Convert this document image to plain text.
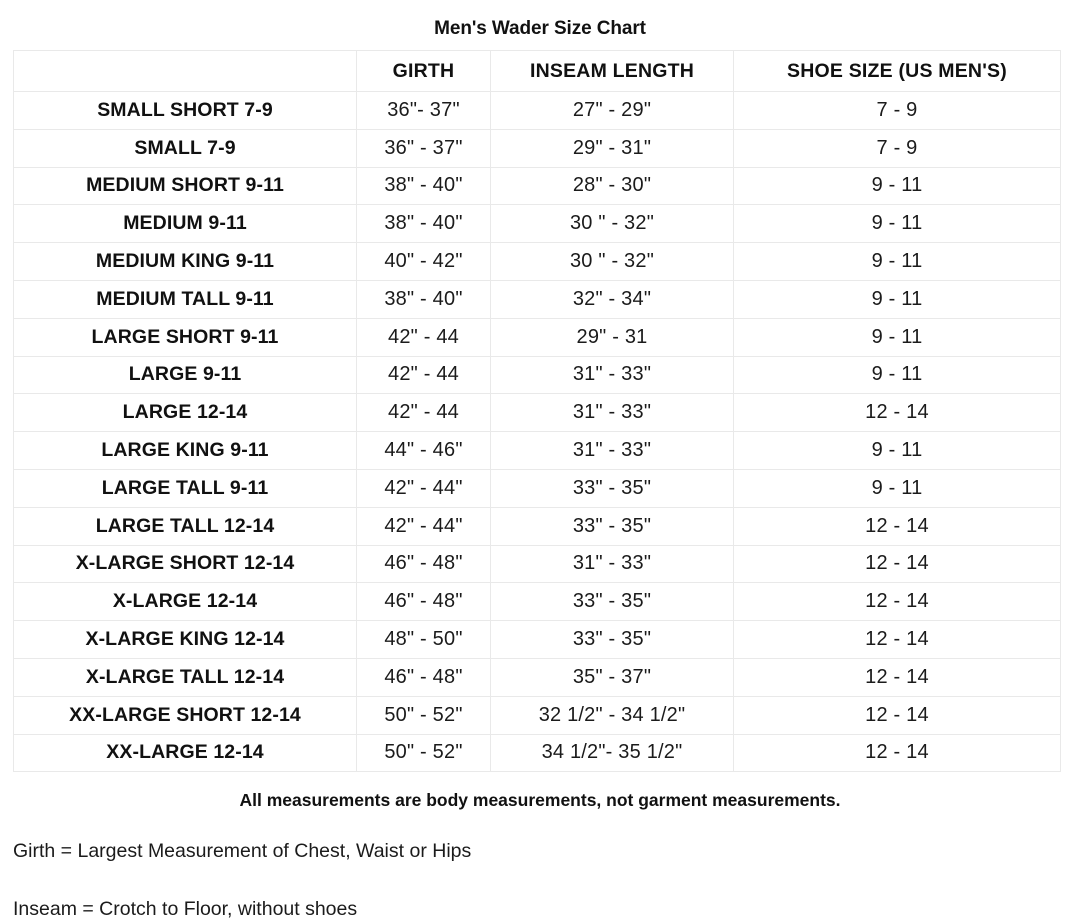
Men's Wader Size Chart
	GIRTH	INSEAM LENGTH	SHOE SIZE (US MEN'S)
SMALL SHORT 7-9	36"- 37"	27" - 29"	7 - 9
SMALL 7-9	36" - 37"	29" - 31"	7 - 9
MEDIUM SHORT 9-11	38" - 40"	28" - 30"	9 - 11
MEDIUM 9-11	38" - 40"	30 " - 32"	9 - 11
MEDIUM KING 9-11	40" - 42"	30 " - 32"	9 - 11
MEDIUM TALL 9-11	38" - 40"	32" - 34"	9 - 11
LARGE SHORT 9-11	42" - 44	29" - 31	9 - 11
LARGE 9-11	42" - 44	31" - 33"	9 - 11
LARGE 12-14	42" - 44	31" - 33"	12 - 14
LARGE KING 9-11	44" - 46"	31" - 33"	9 - 11
LARGE TALL 9-11	42" - 44"	33" - 35"	9 - 11
LARGE TALL 12-14	42" - 44"	33" - 35"	12 - 14
X-LARGE SHORT 12-14	46" - 48"	31" - 33"	12 - 14
X-LARGE 12-14	46" - 48"	33" - 35"	12 - 14
X-LARGE KING 12-14	48" - 50"	33" - 35"	12 - 14
X-LARGE TALL 12-14	46" - 48"	35" - 37"	12 - 14
XX-LARGE SHORT 12-14	50" - 52"	32 1/2" - 34 1/2"	12 - 14
XX-LARGE 12-14	50" - 52"	34 1/2"- 35 1/2"	12 - 14
All measurements are body measurements, not garment measurements.
Girth = Largest Measurement of Chest, Waist or Hips
Inseam = Crotch to Floor, without shoes
